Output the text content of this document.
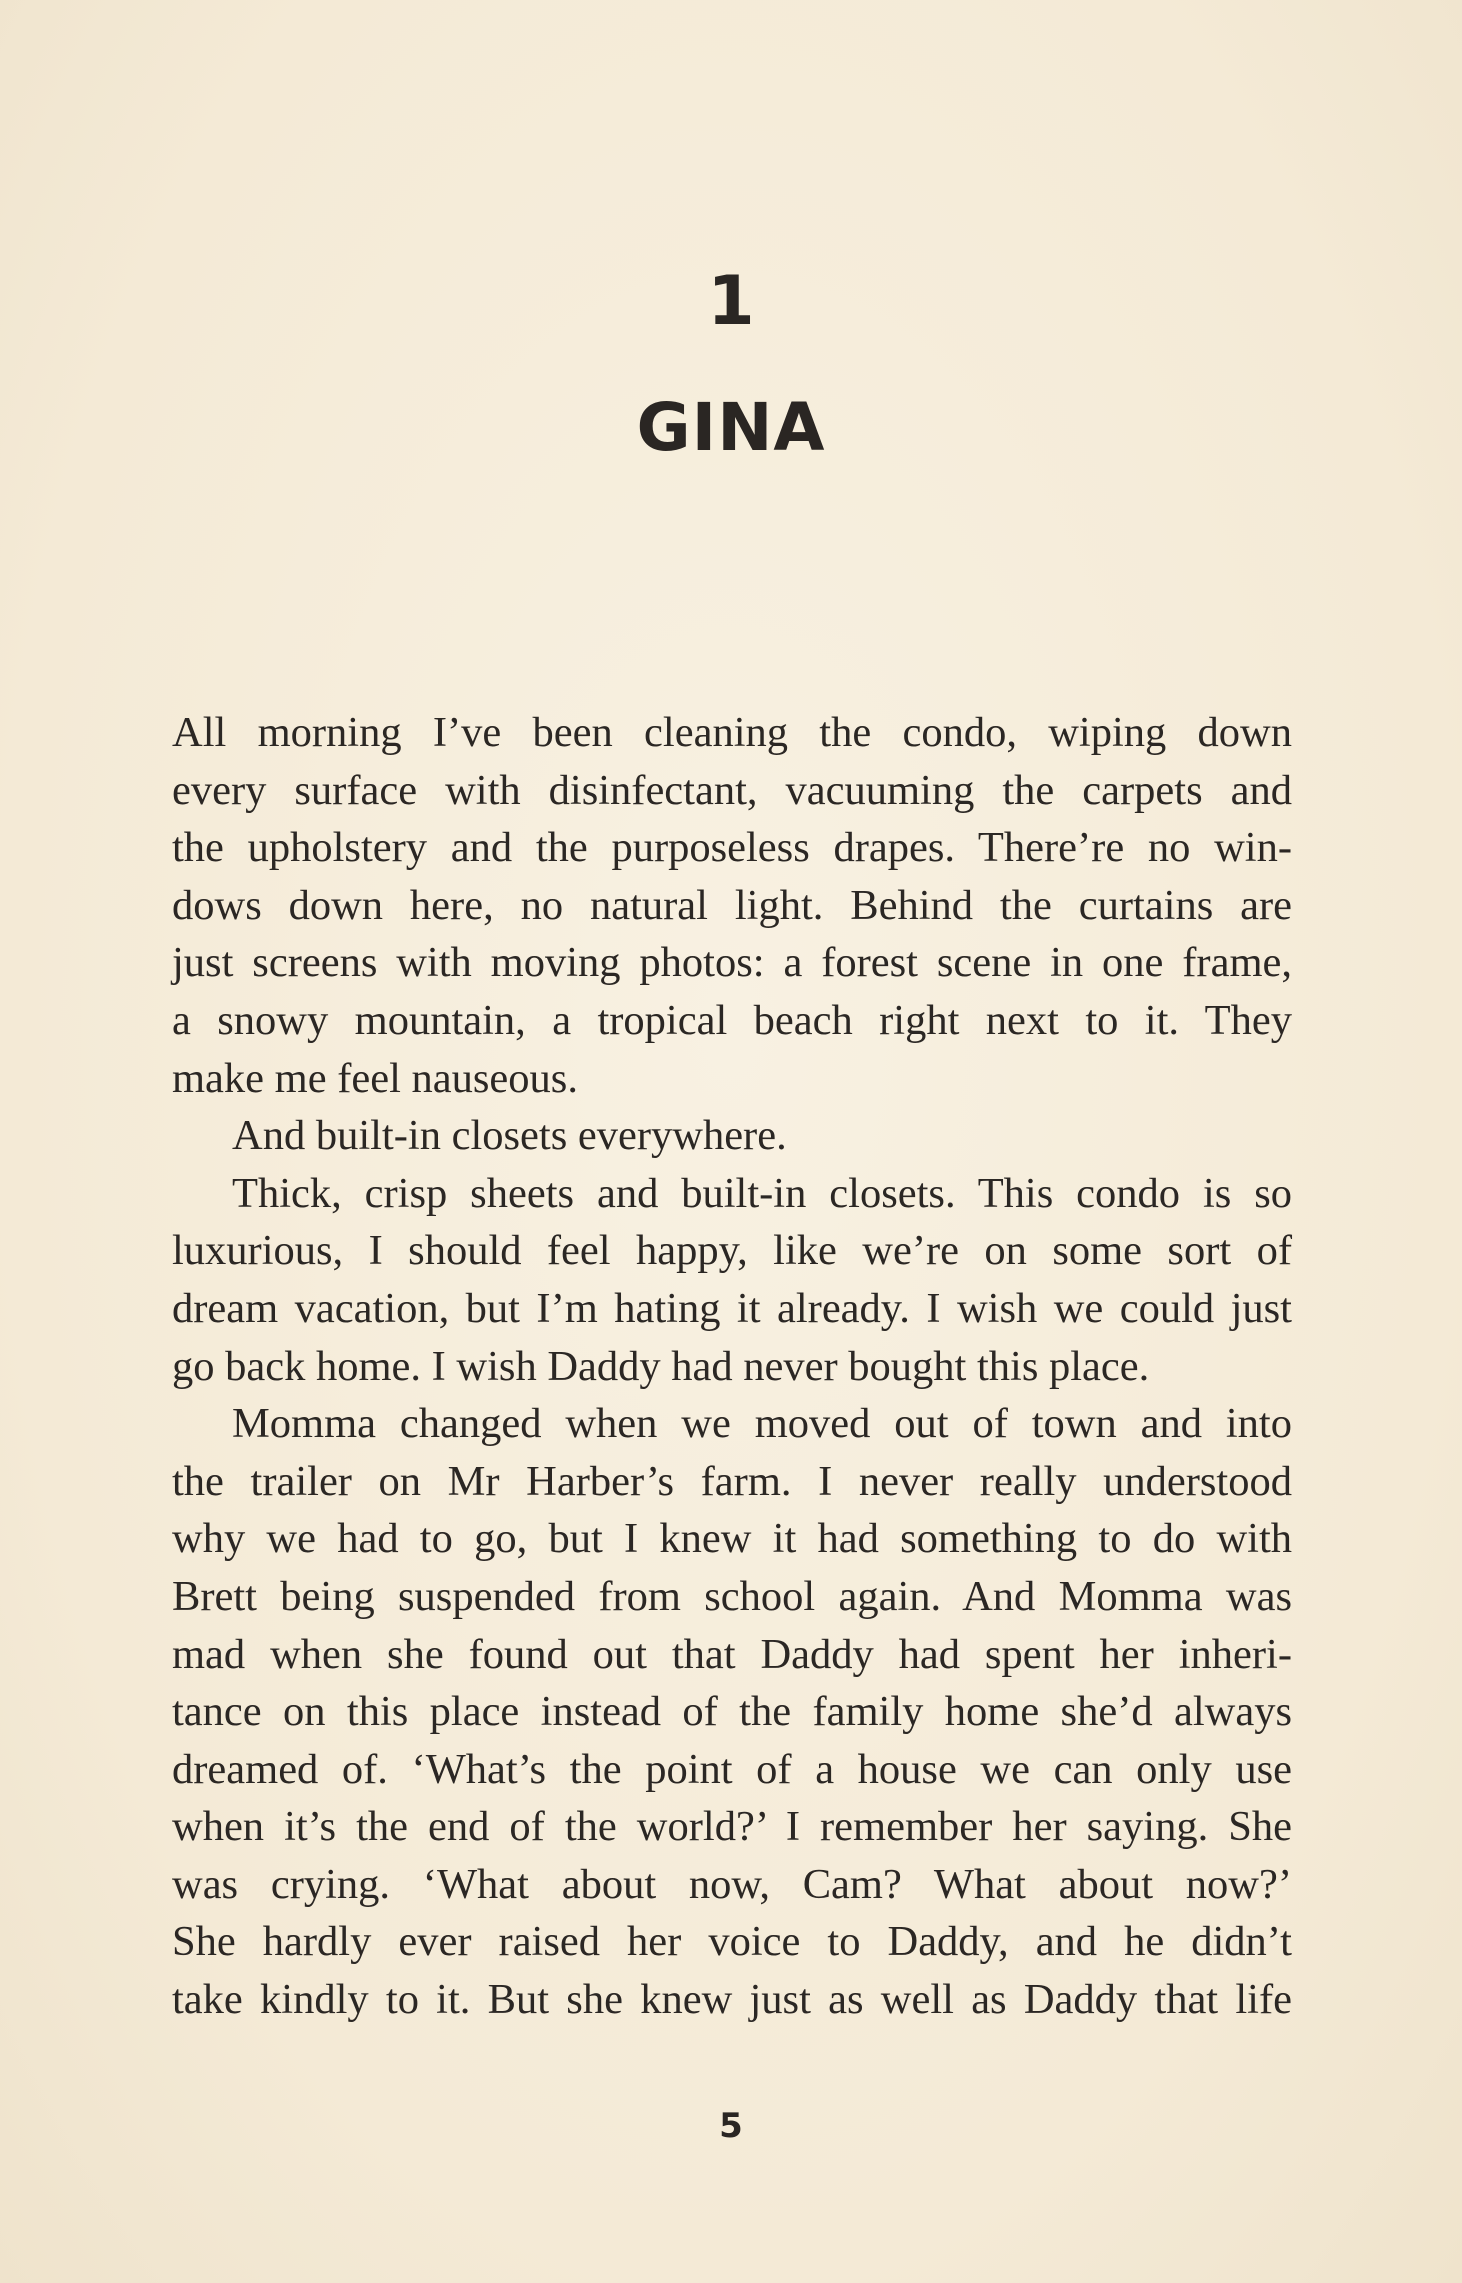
1
GINA
All morning I’ve been cleaning the condo, wiping down
every surface with disinfectant, vacuuming the carpets and
the upholstery and the purposeless drapes. There’re no win-
dows down here, no natural light. Behind the curtains are
just screens with moving photos: a forest scene in one frame,
a snowy mountain, a tropical beach right next to it. They
make me feel nauseous.
And built-in closets everywhere.
Thick, crisp sheets and built-in closets. This condo is so
luxurious, I should feel happy, like we’re on some sort of
dream vacation, but I’m hating it already. I wish we could just
go back home. I wish Daddy had never bought this place.
Momma changed when we moved out of town and into
the trailer on Mr Harber’s farm. I never really understood
why we had to go, but I knew it had something to do with
Brett being suspended from school again. And Momma was
mad when she found out that Daddy had spent her inheri-
tance on this place instead of the family home she’d always
dreamed of. ‘What’s the point of a house we can only use
when it’s the end of the world?’ I remember her saying. She
was crying. ‘What about now, Cam? What about now?’
She hardly ever raised her voice to Daddy, and he didn’t
take kindly to it. But she knew just as well as Daddy that life
5
